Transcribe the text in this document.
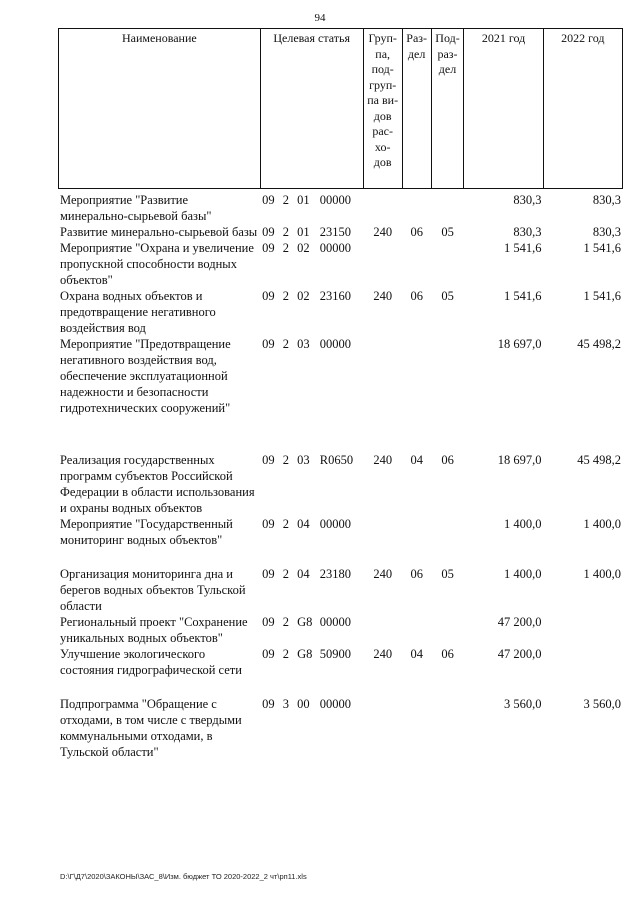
94
Наименование	Целевая статья	Груп-
па,
под-
груп-
па ви-
дов
рас-
хо-
дов	Раз-
дел	Под-
раз-
дел	2021 год	2022 год
Мероприятие "Развитие минерально-сырьевой базы"	09	2	01	00000				830,3	830,3
Развитие минерально-сырьевой базы	09	2	01	23150	240	06	05	830,3	830,3
Мероприятие "Охрана и увеличение пропускной способности водных объектов"	09	2	02	00000				1 541,6	1 541,6
Охрана водных объектов и предотвращение негативного воздействия вод	09	2	02	23160	240	06	05	1 541,6	1 541,6
Мероприятие "Предотвращение негативного воздействия вод, обеспечение эксплуатационной надежности и безопасности гидротехнических сооружений"	09	2	03	00000				18 697,0	45 498,2
Реализация государственных программ субъектов Российской Федерации в области использования и охраны водных объектов	09	2	03	R0650	240	04	06	18 697,0	45 498,2
Мероприятие "Государственный мониторинг водных объектов"	09	2	04	00000				1 400,0	1 400,0
Организация мониторинга дна и берегов водных объектов Тульской области	09	2	04	23180	240	06	05	1 400,0	1 400,0
Региональный проект "Сохранение уникальных водных объектов"	09	2	G8	00000				47 200,0	
Улучшение экологического состояния гидрографической сети	09	2	G8	50900	240	04	06	47 200,0	
Подпрограмма "Обращение с отходами, в том числе с твердыми коммунальными отходами, в Тульской области"	09	3	00	00000				3 560,0	3 560,0
D:\Г\Д7\2020\ЗАКОНЫ\ЗАС_8\Изм. бюджет ТО 2020-2022_2 чт\рп11.xls
